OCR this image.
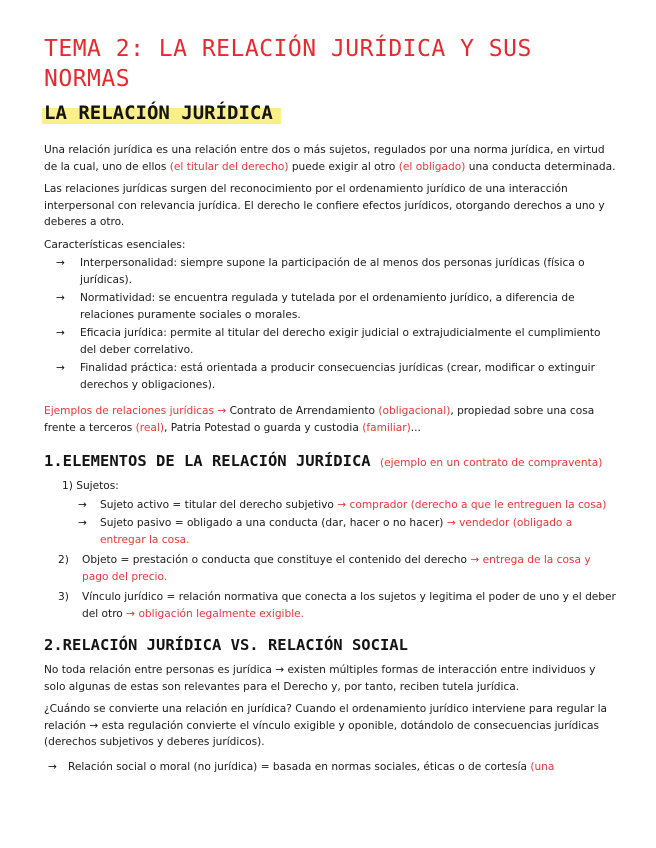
TEMA 2: LA RELACIÓN JURÍDICA Y SUS NORMAS
LA RELACIÓN JURÍDICA

Una relación jurídica es una relación entre dos o más sujetos, regulados por una norma jurídica, en virtud de la cual, uno de ellos (el titular del derecho) puede exigir al otro (el obligado) una conducta determinada.

Las relaciones jurídicas surgen del reconocimiento por el ordenamiento jurídico de una interacción interpersonal con relevancia jurídica. El derecho le confiere efectos jurídicos, otorgando derechos a uno y deberes a otro.

Características esenciales:

→ Interpersonalidad: siempre supone la participación de al menos dos personas jurídicas (física o jurídicas).
→ Normatividad: se encuentra regulada y tutelada por el ordenamiento jurídico, a diferencia de relaciones puramente sociales o morales.
→ Eficacia jurídica: permite al titular del derecho exigir judicial o extrajudicialmente el cumplimiento del deber correlativo.
→ Finalidad práctica: está orientada a producir consecuencias jurídicas (crear, modificar o extinguir derechos y obligaciones).

Ejemplos de relaciones jurídicas → Contrato de Arrendamiento (obligacional), propiedad sobre una cosa frente a terceros (real), Patria Potestad o guarda y custodia (familiar)...

1.ELEMENTOS DE LA RELACIÓN JURÍDICA (ejemplo en un contrato de compraventa)
1) Sujetos:
→ Sujeto activo = titular del derecho subjetivo → comprador (derecho a que le entreguen la cosa)
→ Sujeto pasivo = obligado a una conducta (dar, hacer o no hacer) → vendedor (obligado a entregar la cosa.
2) Objeto = prestación o conducta que constituye el contenido del derecho → entrega de la cosa y pago del precio.
3) Vínculo jurídico = relación normativa que conecta a los sujetos y legitima el poder de uno y el deber del otro → obligación legalmente exigible.
2.RELACIÓN JURÍDICA VS. RELACIÓN SOCIAL

No toda relación entre personas es jurídica → existen múltiples formas de interacción entre individuos y solo algunas de estas son relevantes para el Derecho y, por tanto, reciben tutela jurídica.

¿Cuándo se convierte una relación en jurídica? Cuando el ordenamiento jurídico interviene para regular la relación → esta regulación convierte el vínculo exigible y oponible, dotándolo de consecuencias jurídicas (derechos subjetivos y deberes jurídicos).

→ Relación social o moral (no jurídica) = basada en normas sociales, éticas o de cortesía (una
